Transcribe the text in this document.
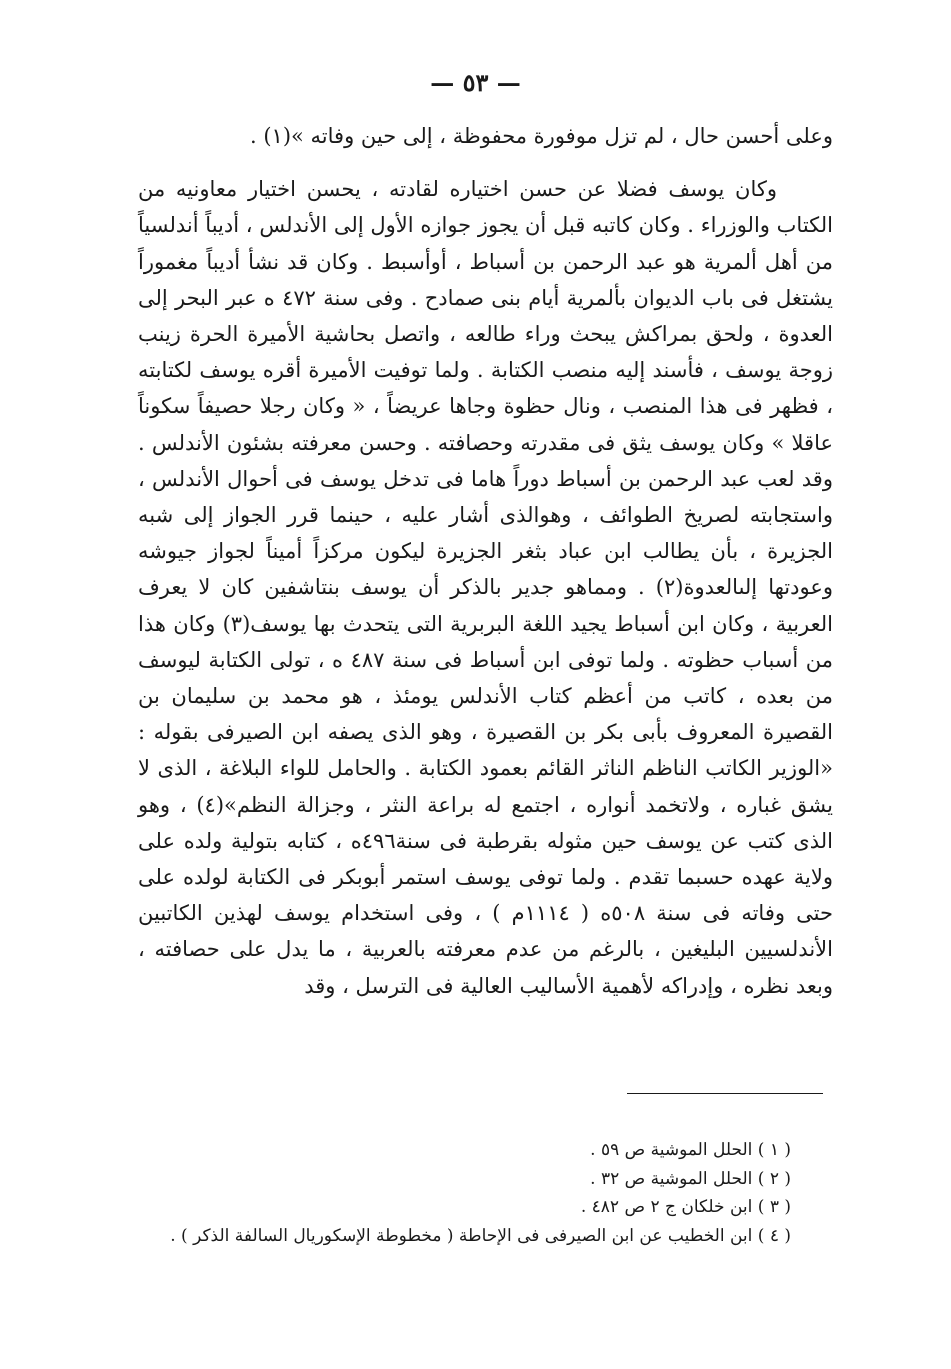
— ٥٣ —

وعلى أحسن حال ، لم تزل موفورة محفوظة ، إلى حين وفاته »(١) .

وكان يوسف فضلا عن حسن اختياره لقادته ، يحسن اختيار معاونيه من الكتاب والوزراء . وكان كاتبه قبل أن يجوز جوازه الأول إلى الأندلس ، أديباً أندلسياً من أهل ألمرية هو عبد الرحمن بن أسباط ، أوأسبط . وكان قد نشأ أديباً مغموراً يشتغل فى باب الديوان بألمرية أيام بنى صمادح . وفى سنة ٤٧٢ ه عبر البحر إلى العدوة ، ولحق بمراكش يبحث وراء طالعه ، واتصل بحاشية الأميرة الحرة زينب زوجة يوسف ، فأسند إليه منصب الكتابة . ولما توفيت الأميرة أقره يوسف لكتابته ، فظهر فى هذا المنصب ، ونال حظوة وجاها عريضاً ، « وكان رجلا حصيفاً سكوناً عاقلا » وكان يوسف يثق فى مقدرته وحصافته . وحسن معرفته بشئون الأندلس . وقد لعب عبد الرحمن بن أسباط دوراً هاما فى تدخل يوسف فى أحوال الأندلس ، واستجابته لصريخ الطوائف ، وهوالذى أشار عليه ، حينما قرر الجواز إلى شبه الجزيرة ، بأن يطالب ابن عباد بثغر الجزيرة ليكون مركزاً أميناً لجواز جيوشه وعودتها إلىالعدوة(٢) . ومماهو جدير بالذكر أن يوسف بنتاشفين كان لا يعرف العربية ، وكان ابن أسباط يجيد اللغة البربرية التى يتحدث بها يوسف(٣) وكان هذا من أسباب حظوته . ولما توفى ابن أسباط فى سنة ٤٨٧ ه ، تولى الكتابة ليوسف من بعده ، كاتب من أعظم كتاب الأندلس يومئذ ، هو محمد بن سليمان بن القصيرة المعروف بأبى بكر بن القصيرة ، وهو الذى يصفه ابن الصيرفى بقوله : «الوزير الكاتب الناظم الناثر القائم بعمود الكتابة . والحامل للواء البلاغة ، الذى لا يشق غباره ، ولاتخمد أنواره ، اجتمع له براعة النثر ، وجزالة النظم»(٤) ، وهو الذى كتب عن يوسف حين مثوله بقرطبة فى سنة٤٩٦ه ، كتابه بتولية ولده على ولاية عهده حسبما تقدم . ولما توفى يوسف استمر أبوبكر فى الكتابة لولده على حتى وفاته فى سنة ٥٠٨ه ( ١١١٤م ) ، وفى استخدام يوسف لهذين الكاتبين الأندلسيين البليغين ، بالرغم من عدم معرفته بالعربية ، ما يدل على حصافته ، وبعد نظره ، وإدراكه لأهمية الأساليب العالية فى الترسل ، وقد

( ١ ) الحلل الموشية ص ٥٩ .

( ٢ ) الحلل الموشية ص ٣٢ .

( ٣ ) ابن خلكان ج ٢ ص ٤٨٢ .

( ٤ ) ابن الخطيب عن ابن الصيرفى فى الإحاطة ( مخطوطة الإسكوريال السالفة الذكر ) .
